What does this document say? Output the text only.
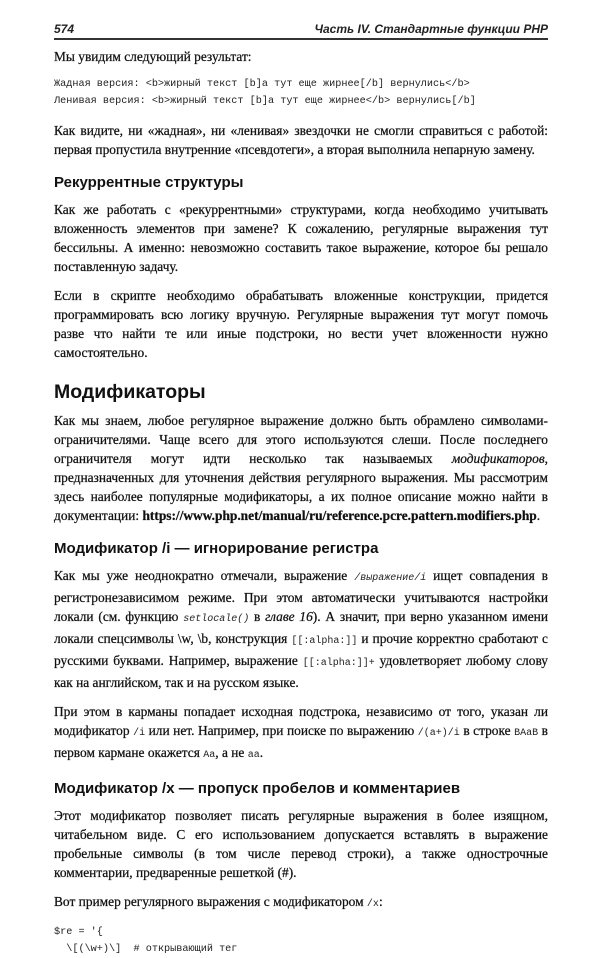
574	Часть IV. Стандартные функции PHP

Мы увидим следующий результат:

Жадная версия: <b>жирный текст [b]а тут еще жирнее[/b] вернулись</b>
Ленивая версия: <b>жирный текст [b]а тут еще жирнее</b> вернулись[/b]

Как видите, ни «жадная», ни «ленивая» звездочки не смогли справиться с работой: первая пропустила внутренние «псевдотеги», а вторая выполнила непарную замену.

Рекуррентные структуры

Как же работать с «рекуррентными» структурами, когда необходимо учитывать вложенность элементов при замене? К сожалению, регулярные выражения тут бессильны. А именно: невозможно составить такое выражение, которое бы решало поставленную задачу.

Если в скрипте необходимо обрабатывать вложенные конструкции, придется программировать всю логику вручную. Регулярные выражения тут могут помочь разве что найти те или иные подстроки, но вести учет вложенности нужно самостоятельно.

Модификаторы

Как мы знаем, любое регулярное выражение должно быть обрамлено символами-ограничителями. Чаще всего для этого используются слеши. После последнего ограничителя могут идти несколько так называемых модификаторов, предназначенных для уточнения действия регулярного выражения. Мы рассмотрим здесь наиболее популярные модификаторы, а их полное описание можно найти в документации: https://www.php.net/manual/ru/reference.pcre.pattern.modifiers.php.

Модификатор /i — игнорирование регистра

Как мы уже неоднократно отмечали, выражение /выражение/i ищет совпадения в регистронезависимом режиме. При этом автоматически учитываются настройки локали (см. функцию setlocale() в главе 16). А значит, при верно указанном имени локали спецсимволы \w, \b, конструкция [[:alpha:]] и прочие корректно сработают с русскими буквами. Например, выражение [[:alpha:]]+ удовлетворяет любому слову как на английском, так и на русском языке.

При этом в карманы попадает исходная подстрока, независимо от того, указан ли модификатор /i или нет. Например, при поиске по выражению /(a+)/i в строке BAaB в первом кармане окажется Aa, а не aa.

Модификатор /x — пропуск пробелов и комментариев

Этот модификатор позволяет писать регулярные выражения в более изящном, читабельном виде. С его использованием допускается вставлять в выражение пробельные символы (в том числе перевод строки), а также однострочные комментарии, предваренные решеткой (#).

Вот пример регулярного выражения с модификатором /x:

$re = '{
\[(\w+)\]  # открывающий тег
